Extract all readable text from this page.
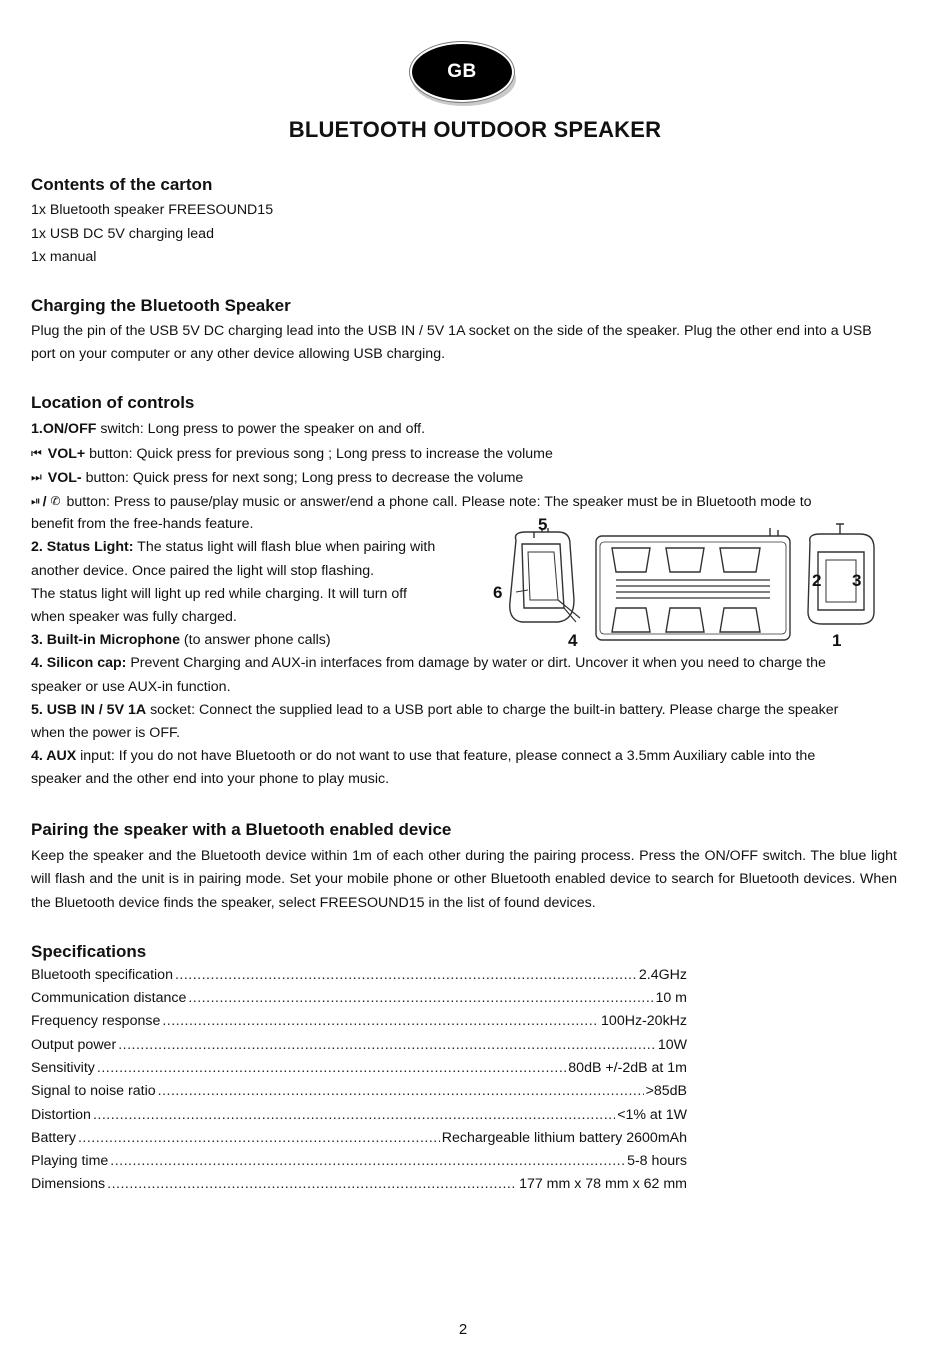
GB
BLUETOOTH OUTDOOR SPEAKER
Contents of the carton
1x Bluetooth speaker FREESOUND15
1x USB DC 5V charging lead
1x manual
Charging the Bluetooth Speaker
Plug the pin of the USB 5V DC charging lead into the USB IN / 5V 1A socket on the side of the speaker. Plug the other end into a USB port on your computer or any other device allowing USB charging.
Location of controls
1.ON/OFF switch: Long press to power the speaker on and off.
⏮ VOL+ button: Quick press for previous song ; Long press to increase the volume
⏭ VOL- button: Quick press for next song; Long press to decrease the volume
⏯ / ✆ button: Press to pause/play music or answer/end a phone call. Please note: The speaker must be in Bluetooth mode to
benefit from the free-hands feature.
2. Status Light: The status light will flash blue when pairing with
another device. Once paired the light will stop flashing.
The status light will light up red while charging. It will turn off
when speaker was fully charged.
3. Built-in Microphone (to answer phone calls)
4. Silicon cap: Prevent Charging and AUX-in interfaces from damage by water or dirt. Uncover it when you need to charge the
speaker or use AUX-in function.
5. USB IN / 5V 1A socket: Connect the supplied lead to a USB port able to charge the built-in battery. Please charge the speaker
when the power is OFF.
4. AUX input: If you do not have Bluetooth or do not want to use that feature, please connect a 3.5mm Auxiliary cable into the
speaker and the other end into your phone to play music.
5
6
4
2 3
1
Pairing the speaker with a Bluetooth enabled device
Keep the speaker and the Bluetooth device within 1m of each other during the pairing process. Press the ON/OFF switch. The blue light will flash and the unit is in pairing mode. Set your mobile phone or other Bluetooth enabled device to search for Bluetooth devices. When the Bluetooth device finds the speaker, select FREESOUND15 in the list of found devices.
Specifications
Bluetooth specification .....	2.4GHz
Communication distance .....	10 m
Frequency response .....	100Hz-20kHz
Output power .....	10W
Sensitivity .....	80dB +/-2dB at 1m
Signal to noise ratio .....	>85dB
Distortion .....	<1% at 1W
Battery .....	Rechargeable lithium battery 2600mAh
Playing time .....	5-8 hours
Dimensions .....	177 mm x 78 mm x 62 mm
2
